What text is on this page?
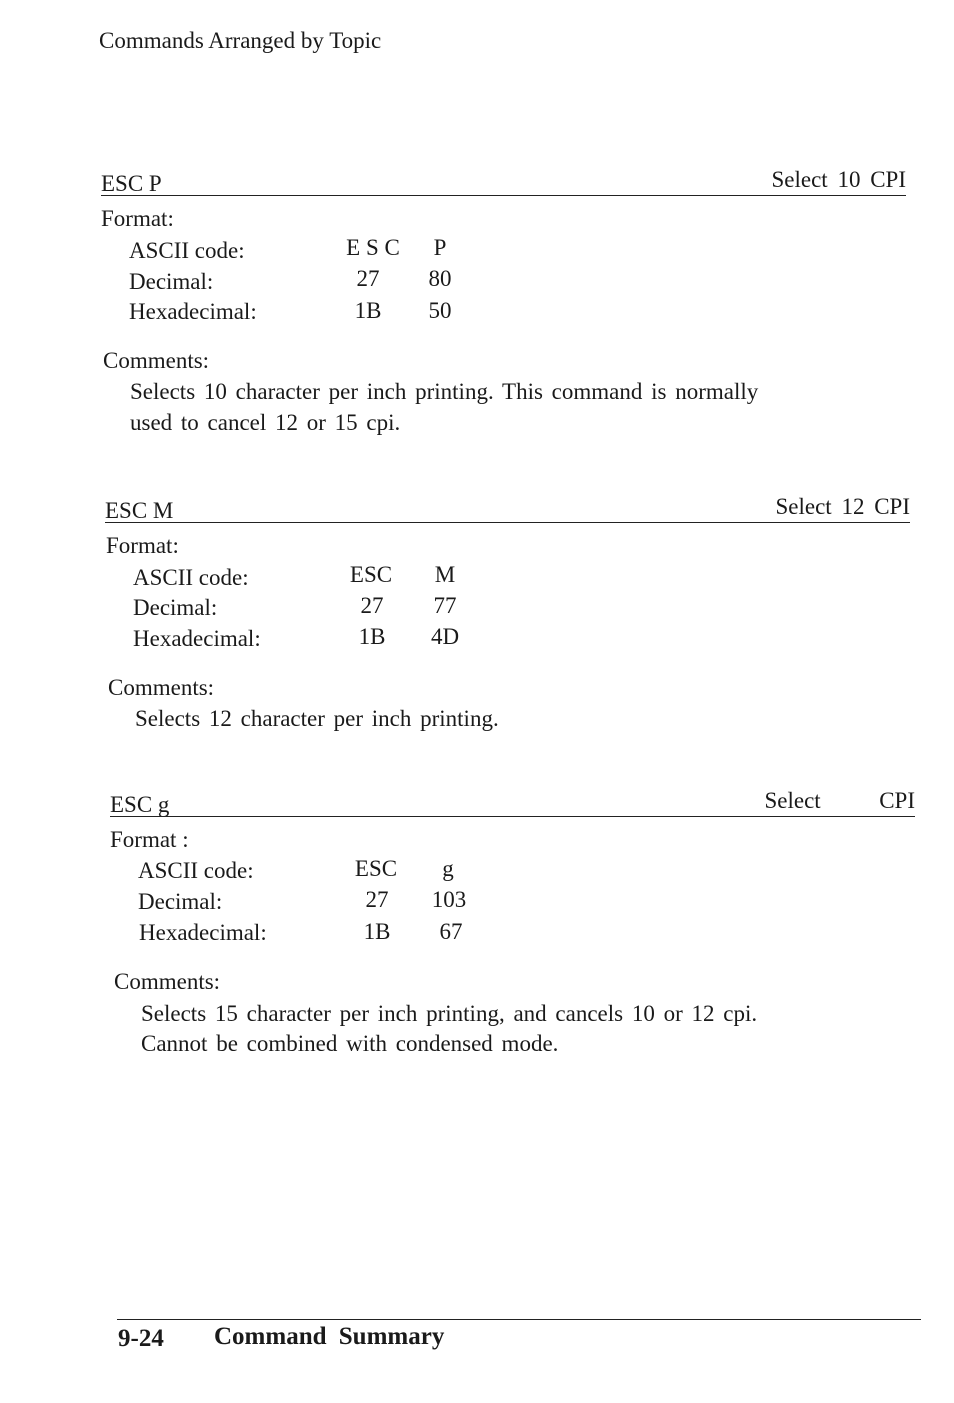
Commands Arranged by Topic
ESC P	Select 10 CPI
Format:
ASCII code:	E S C	P
Decimal:	27	80
Hexadecimal:	1B	50
Comments:
Selects 10 character per inch printing. This command is normally
used to cancel 12 or 15 cpi.
ESC M	Select 12 CPI
Format:
ASCII code:	ESC	M
Decimal:	27	77
Hexadecimal:	1B	4D
Comments:
Selects 12 character per inch printing.
ESC g	Select      CPI
Format :
ASCII code:	ESC	g
Decimal:	27	103
Hexadecimal:	1B	67
Comments:
Selects 15 character per inch printing, and cancels 10 or 12 cpi.
Cannot be combined with condensed mode.
9-24 Command Summary
